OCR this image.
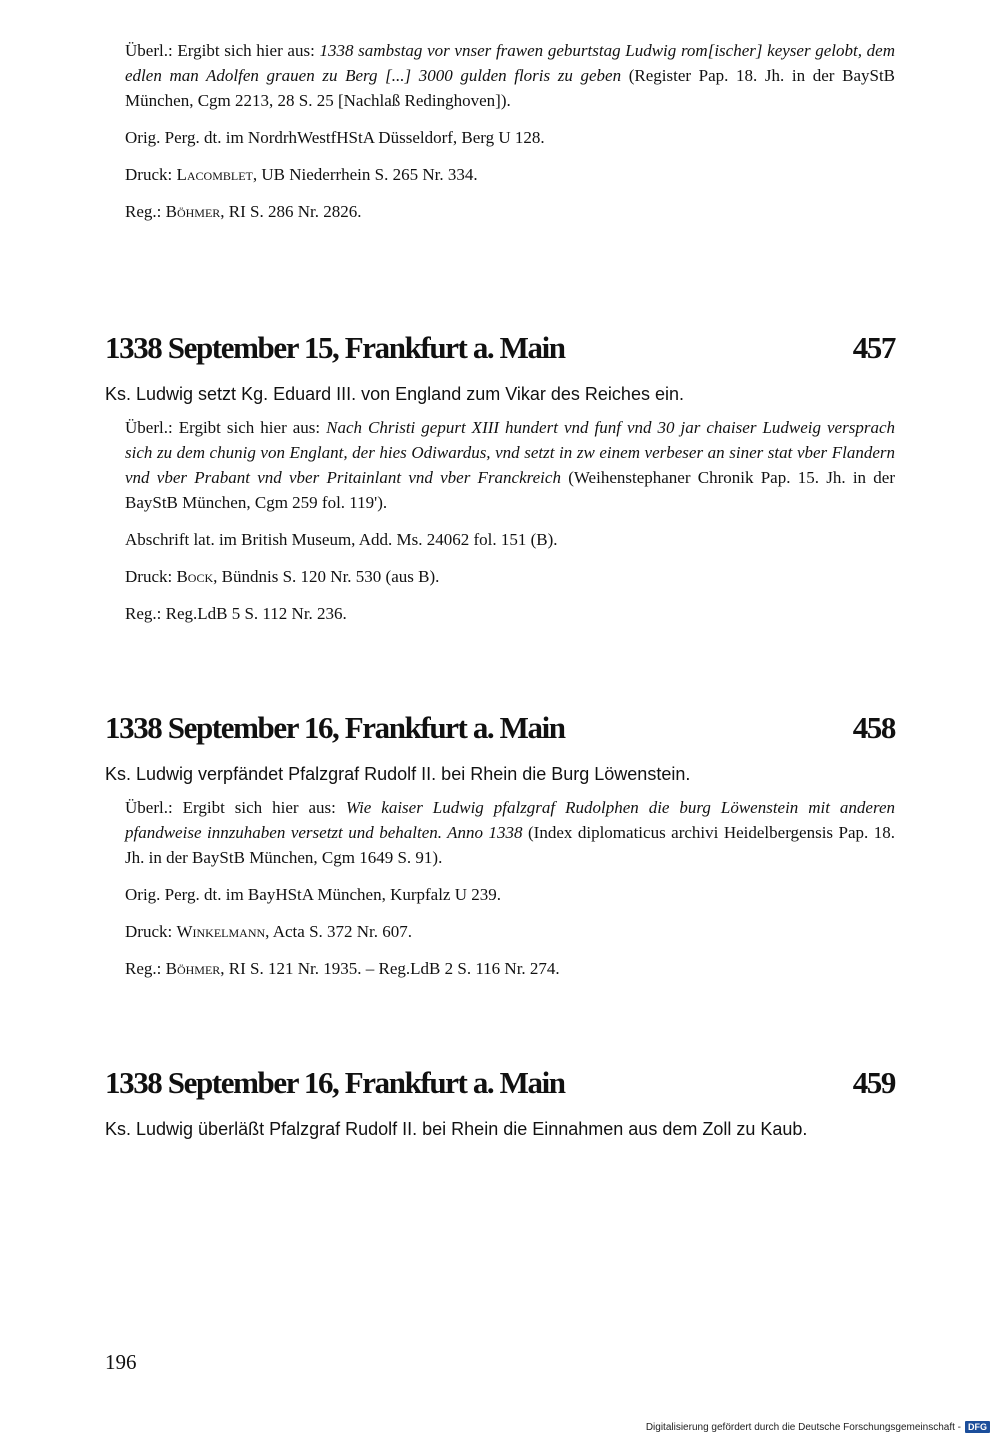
Überl.: Ergibt sich hier aus: 1338 sambstag vor vnser frawen geburtstag Ludwig rom[ischer] keyser gelobt, dem edlen man Adolfen grauen zu Berg [...] 3000 gulden floris zu geben (Register Pap. 18. Jh. in der BayStB München, Cgm 2213, 28 S. 25 [Nachlaß Redinghoven]).

Orig. Perg. dt. im NordrhWestfHStA Düsseldorf, Berg U 128.

Druck: Lacomblet, UB Niederrhein S. 265 Nr. 334.

Reg.: Böhmer, RI S. 286 Nr. 2826.

1338 September 15, Frankfurt a. Main	457

Ks. Ludwig setzt Kg. Eduard III. von England zum Vikar des Reiches ein.

Überl.: Ergibt sich hier aus: Nach Christi gepurt XIII hundert vnd funf vnd 30 jar chaiser Ludweig versprach sich zu dem chunig von Englant, der hies Odiwardus, vnd setzt in zw einem verbeser an siner stat vber Flandern vnd vber Prabant vnd vber Pritainlant vnd vber Franckreich (Weihenstephaner Chronik Pap. 15. Jh. in der BayStB München, Cgm 259 fol. 119').

Abschrift lat. im British Museum, Add. Ms. 24062 fol. 151 (B).

Druck: Bock, Bündnis S. 120 Nr. 530 (aus B).

Reg.: Reg.LdB 5 S. 112 Nr. 236.

1338 September 16, Frankfurt a. Main	458

Ks. Ludwig verpfändet Pfalzgraf Rudolf II. bei Rhein die Burg Löwenstein.

Überl.: Ergibt sich hier aus: Wie kaiser Ludwig pfalzgraf Rudolphen die burg Löwenstein mit anderen pfandweise innzuhaben versetzt und behalten. Anno 1338 (Index diplomaticus archivi Heidelbergensis Pap. 18. Jh. in der BayStB München, Cgm 1649 S. 91).

Orig. Perg. dt. im BayHStA München, Kurpfalz U 239.

Druck: Winkelmann, Acta S. 372 Nr. 607.

Reg.: Böhmer, RI S. 121 Nr. 1935. – Reg.LdB 2 S. 116 Nr. 274.

1338 September 16, Frankfurt a. Main	459

Ks. Ludwig überläßt Pfalzgraf Rudolf II. bei Rhein die Einnahmen aus dem Zoll zu Kaub.

196
Digitalisierung gefördert durch die Deutsche Forschungsgemeinschaft - DFG
